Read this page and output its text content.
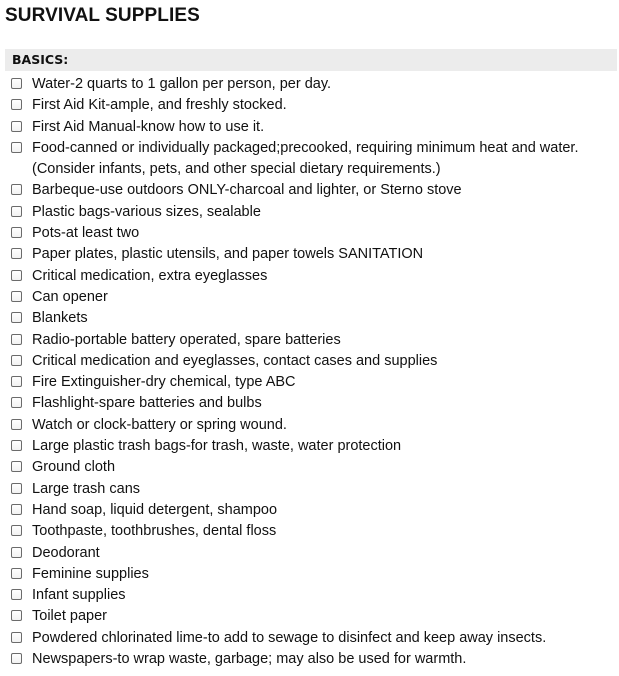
SURVIVAL SUPPLIES
BASICS:
Water-2 quarts to 1 gallon per person, per day.
First Aid Kit-ample, and freshly stocked.
First Aid Manual-know how to use it.
Food-canned or individually packaged;precooked, requiring minimum heat and water. (Consider infants, pets, and other special dietary requirements.)
Barbeque-use outdoors ONLY-charcoal and lighter, or Sterno stove
Plastic bags-various sizes, sealable
Pots-at least two
Paper plates, plastic utensils, and paper towels SANITATION
Critical medication, extra eyeglasses
Can opener
Blankets
Radio-portable battery operated, spare batteries
Critical medication and eyeglasses, contact cases and supplies
Fire Extinguisher-dry chemical, type ABC
Flashlight-spare batteries and bulbs
Watch or clock-battery or spring wound.
Large plastic trash bags-for trash, waste, water protection
Ground cloth
Large trash cans
Hand soap, liquid detergent, shampoo
Toothpaste, toothbrushes, dental floss
Deodorant
Feminine supplies
Infant supplies
Toilet paper
Powdered chlorinated lime-to add to sewage to disinfect and keep away insects.
Newspapers-to wrap waste, garbage; may also be used for warmth.
